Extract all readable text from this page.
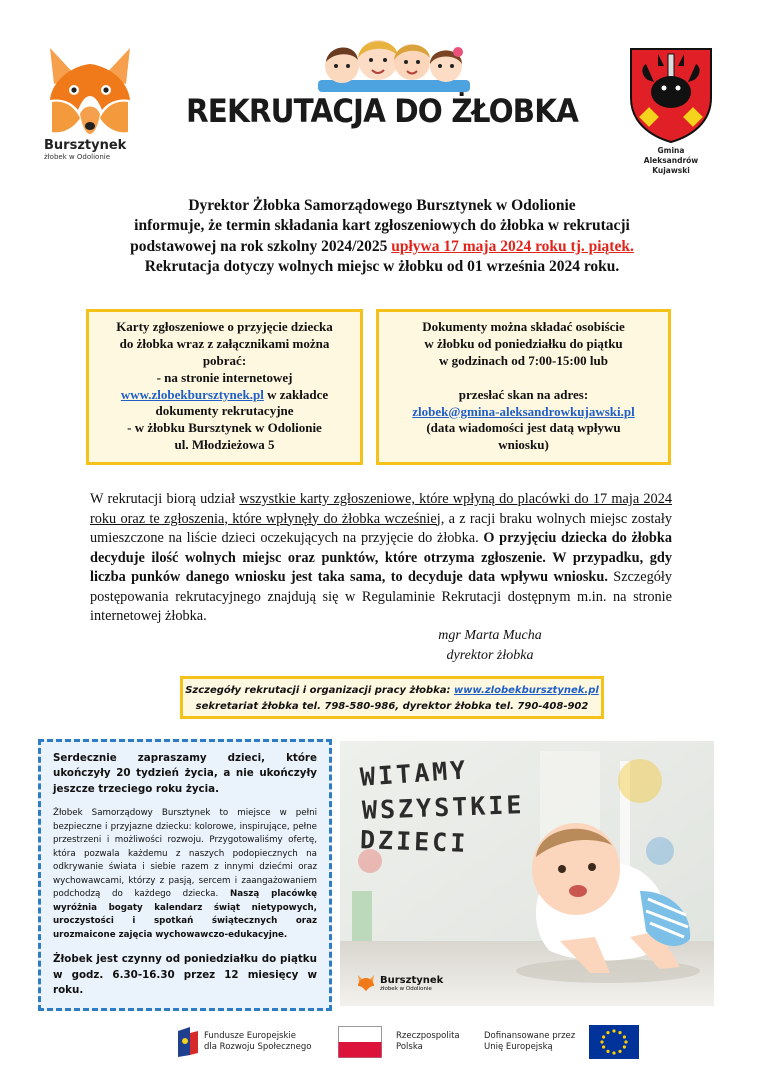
Bursztynek
żłobek w Odolionie
REKRUTACJA DO ŻŁOBKA
Gmina
Aleksandrów Kujawski
Dyrektor Żłobka Samorządowego Bursztynek w Odolionie
informuje, że termin składania kart zgłoszeniowych do żłobka w rekrutacji
podstawowej na rok szkolny 2024/2025 upływa 17 maja 2024 roku tj. piątek.
Rekrutacja dotyczy wolnych miejsc w żłobku od 01 września 2024 roku.
Karty zgłoszeniowe o przyjęcie dziecka
do żłobka wraz z załącznikami można
pobrać:
- na stronie internetowej
www.zlobekbursztynek.pl w zakładce
dokumenty rekrutacyjne
- w żłobku Bursztynek w Odolionie
ul. Młodzieżowa 5
Dokumenty można składać osobiście
w żłobku od poniedziałku do piątku
w godzinach od 7:00-15:00 lub
przesłać skan na adres:
zlobek@gmina-aleksandrowkujawski.pl
(data wiadomości jest datą wpływu
wniosku)
W rekrutacji biorą udział wszystkie karty zgłoszeniowe, które wpłyną do placówki do 17 maja 2024 roku oraz te zgłoszenia, które wpłynęły do żłobka wcześniej, a z racji braku wolnych miejsc zostały umieszczone na liście dzieci oczekujących na przyjęcie do żłobka. O przyjęciu dziecka do żłobka decyduje ilość wolnych miejsc oraz punktów, które otrzyma zgłoszenie. W przypadku, gdy liczba punków danego wniosku jest taka sama, to decyduje data wpływu wniosku. Szczegóły postępowania rekrutacyjnego znajdują się w Regulaminie Rekrutacji dostępnym m.in. na stronie internetowej żłobka.
mgr Marta Mucha
dyrektor żłobka
Szczegóły rekrutacji i organizacji pracy żłobka: www.zlobekbursztynek.pl
sekretariat żłobka tel. 798-580-986, dyrektor żłobka tel. 790-408-902

Serdecznie zapraszamy dzieci, które ukończyły 20 tydzień życia, a nie ukończyły jeszcze trzeciego roku życia.

Żłobek Samorządowy Bursztynek to miejsce w pełni bezpieczne i przyjazne dziecku: kolorowe, inspirujące, pełne przestrzeni i możliwości rozwoju. Przygotowaliśmy ofertę, która pozwala każdemu z naszych podopiecznych na odkrywanie świata i siebie razem z innymi dziećmi oraz wychowawcami, którzy z pasją, sercem i zaangażowaniem podchodzą do każdego dziecka. Naszą placówkę wyróżnia bogaty kalendarz świąt nietypowych, uroczystości i spotkań świątecznych oraz urozmaicone zajęcia wychowawczo-edukacyjne.

Żłobek jest czynny od poniedziałku do piątku w godz. 6.30-16.30 przez 12 miesięcy w roku.

WITAMY
WSZYSTKIE
DZIECI
Bursztynek
żłobek w Odolionie
Fundusze Europejskie
dla Rozwoju Społecznego
Rzeczpospolita
Polska
Dofinansowane przez
Unię Europejską
